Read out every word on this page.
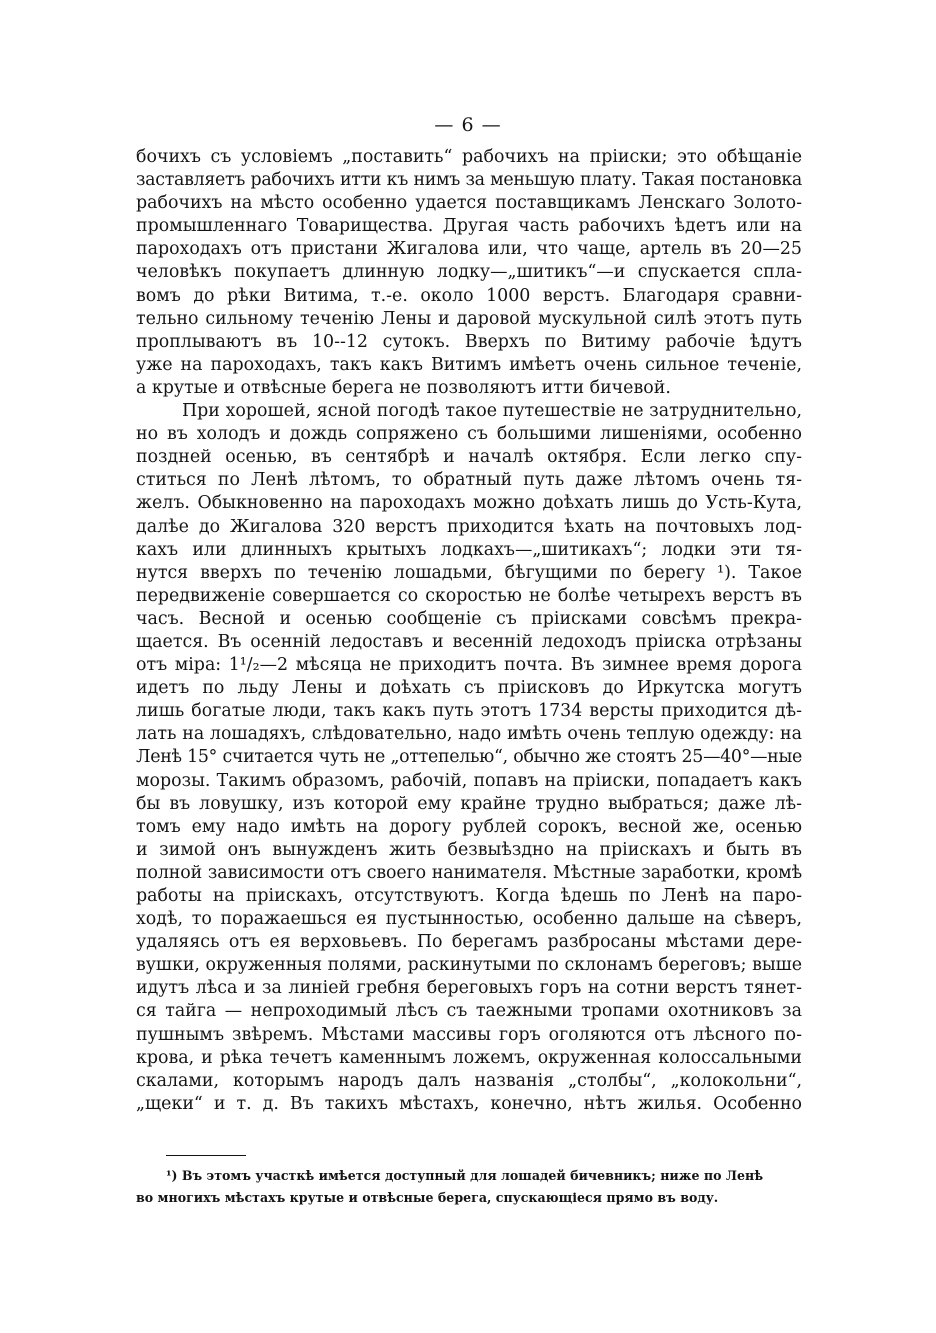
— 6 —
бочихъ съ условіемъ „поставить“ рабочихъ на пріиски; это обѣщаніе
заставляетъ рабочихъ итти къ нимъ за меньшую плату. Такая постановка
рабочихъ на мѣсто особенно удается поставщикамъ Ленскаго Золото-
промышленнаго Товарищества. Другая часть рабочихъ ѣдетъ или на
пароходахъ отъ пристани Жигалова или, что чаще, артель въ 20—25
человѣкъ покупаетъ длинную лодку—„шитикъ“—и спускается спла-
вомъ до рѣки Витима, т.-е. около 1000 верстъ. Благодаря сравни-
тельно сильному теченію Лены и даровой мускульной силѣ этотъ путь
проплываютъ въ 10--12 сутокъ. Вверхъ по Витиму рабочіе ѣдутъ
уже на пароходахъ, такъ какъ Витимъ имѣетъ очень сильное теченіе,
а крутые и отвѣсные берега не позволяютъ итти бичевой.
При хорошей, ясной погодѣ такое путешествіе не затруднительно,
но въ холодъ и дождь сопряжено съ большими лишеніями, особенно
поздней осенью, въ сентябрѣ и началѣ октября. Если легко спу-
ститься по Ленѣ лѣтомъ, то обратный путь даже лѣтомъ очень тя-
желъ. Обыкновенно на пароходахъ можно доѣхать лишь до Усть-Кута,
далѣе до Жигалова 320 верстъ приходится ѣхать на почтовыхъ лод-
кахъ или длинныхъ крытыхъ лодкахъ—„шитикахъ“; лодки эти тя-
нутся вверхъ по теченію лошадьми, бѣгущими по берегу ¹). Такое
передвиженіе совершается со скоростью не болѣе четырехъ верстъ въ
часъ. Весной и осенью сообщеніе съ пріисками совсѣмъ прекра-
щается. Въ осенній ледоставъ и весенній ледоходъ пріиска отрѣзаны
отъ міра: 1¹/₂—2 мѣсяца не приходитъ почта. Въ зимнее время дорога
идетъ по льду Лены и доѣхать съ пріисковъ до Иркутска могутъ
лишь богатые люди, такъ какъ путь этотъ 1734 версты приходится дѣ-
лать на лошадяхъ, слѣдовательно, надо имѣть очень теплую одежду: на
Ленѣ 15° считается чуть не „оттепелью“, обычно же стоятъ 25—40°—ные
морозы. Такимъ образомъ, рабочій, попавъ на пріиски, попадаетъ какъ
бы въ ловушку, изъ которой ему крайне трудно выбраться; даже лѣ-
томъ ему надо имѣть на дорогу рублей сорокъ, весной же, осенью
и зимой онъ вынужденъ жить безвыѣздно на пріискахъ и быть въ
полной зависимости отъ своего нанимателя. Мѣстные заработки, кромѣ
работы на пріискахъ, отсутствуютъ. Когда ѣдешь по Ленѣ на паро-
ходѣ, то поражаешься ея пустынностью, особенно дальше на сѣверъ,
удаляясь отъ ея верховьевъ. По берегамъ разбросаны мѣстами дере-
вушки, окруженныя полями, раскинутыми по склонамъ береговъ; выше
идутъ лѣса и за линіей гребня береговыхъ горъ на сотни верстъ тянет-
ся тайга — непроходимый лѣсъ съ таежными тропами охотниковъ за
пушнымъ звѣремъ. Мѣстами массивы горъ оголяются отъ лѣсного по-
крова, и рѣка течетъ каменнымъ ложемъ, окруженная колоссальными
скалами, которымъ народъ далъ названія „столбы“, „колокольни“,
„щеки“ и т. д. Въ такихъ мѣстахъ, конечно, нѣтъ жилья. Особенно
¹) Въ этомъ участкѣ имѣется доступный для лошадей бичевникъ; ниже по Ленѣ
во многихъ мѣстахъ крутые и отвѣсные берега, спускающіеся прямо въ воду.
